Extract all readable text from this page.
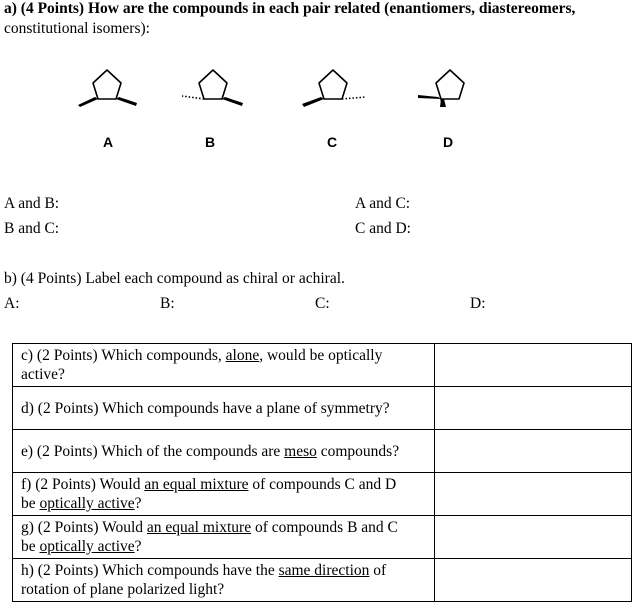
a) (4 Points) How are the compounds in each pair related (enantiomers, diastereomers,
constitutional isomers):
A	B	C	D
A and B:	A and C:
B and C:	C and D:
b) (4 Points) Label each compound as chiral or achiral.
A:	B:	C:	D:
c) (2 Points) Which compounds, alone, would be optically
active?	
d) (2 Points) Which compounds have a plane of symmetry?	
e) (2 Points) Which of the compounds are meso compounds?	
f) (2 Points) Would an equal mixture of compounds C and D
be optically active?	
g) (2 Points) Would an equal mixture of compounds B and C
be optically active?	
h) (2 Points) Which compounds have the same direction of
rotation of plane polarized light?	
